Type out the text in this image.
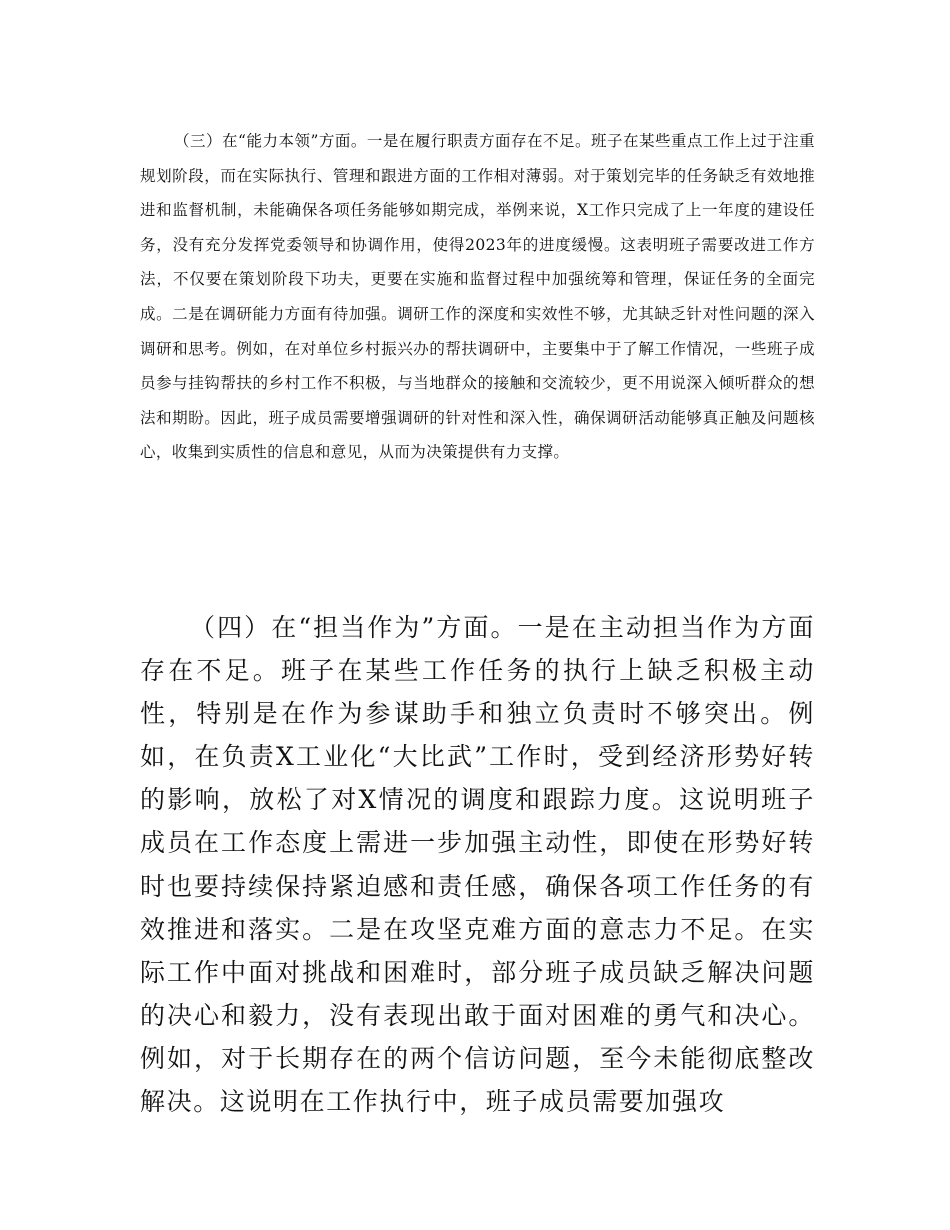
（三）在“能力本领”方面。一是在履行职责方面存在不足。班子在某些重点工作上过于注重规划阶段，而在实际执行、管理和跟进方面的工作相对薄弱。对于策划完毕的任务缺乏有效地推进和监督机制，未能确保各项任务能够如期完成，举例来说，X工作只完成了上一年度的建设任务，没有充分发挥党委领导和协调作用，使得2023年的进度缓慢。这表明班子需要改进工作方法，不仅要在策划阶段下功夫，更要在实施和监督过程中加强统筹和管理，保证任务的全面完成。二是在调研能力方面有待加强。调研工作的深度和实效性不够，尤其缺乏针对性问题的深入调研和思考。例如，在对单位乡村振兴办的帮扶调研中，主要集中于了解工作情况，一些班子成员参与挂钩帮扶的乡村工作不积极，与当地群众的接触和交流较少，更不用说深入倾听群众的想法和期盼。因此，班子成员需要增强调研的针对性和深入性，确保调研活动能够真正触及问题核心，收集到实质性的信息和意见，从而为决策提供有力支撑。

（四）在“担当作为”方面。一是在主动担当作为方面存在不足。班子在某些工作任务的执行上缺乏积极主动性，特别是在作为参谋助手和独立负责时不够突出。例如，在负责X工业化“大比武”工作时，受到经济形势好转的影响，放松了对X情况的调度和跟踪力度。这说明班子成员在工作态度上需进一步加强主动性，即使在形势好转时也要持续保持紧迫感和责任感，确保各项工作任务的有效推进和落实。二是在攻坚克难方面的意志力不足。在实际工作中面对挑战和困难时，部分班子成员缺乏解决问题的决心和毅力，没有表现出敢于面对困难的勇气和决心。例如，对于长期存在的两个信访问题，至今未能彻底整改解决。这说明在工作执行中，班子成员需要加强攻
